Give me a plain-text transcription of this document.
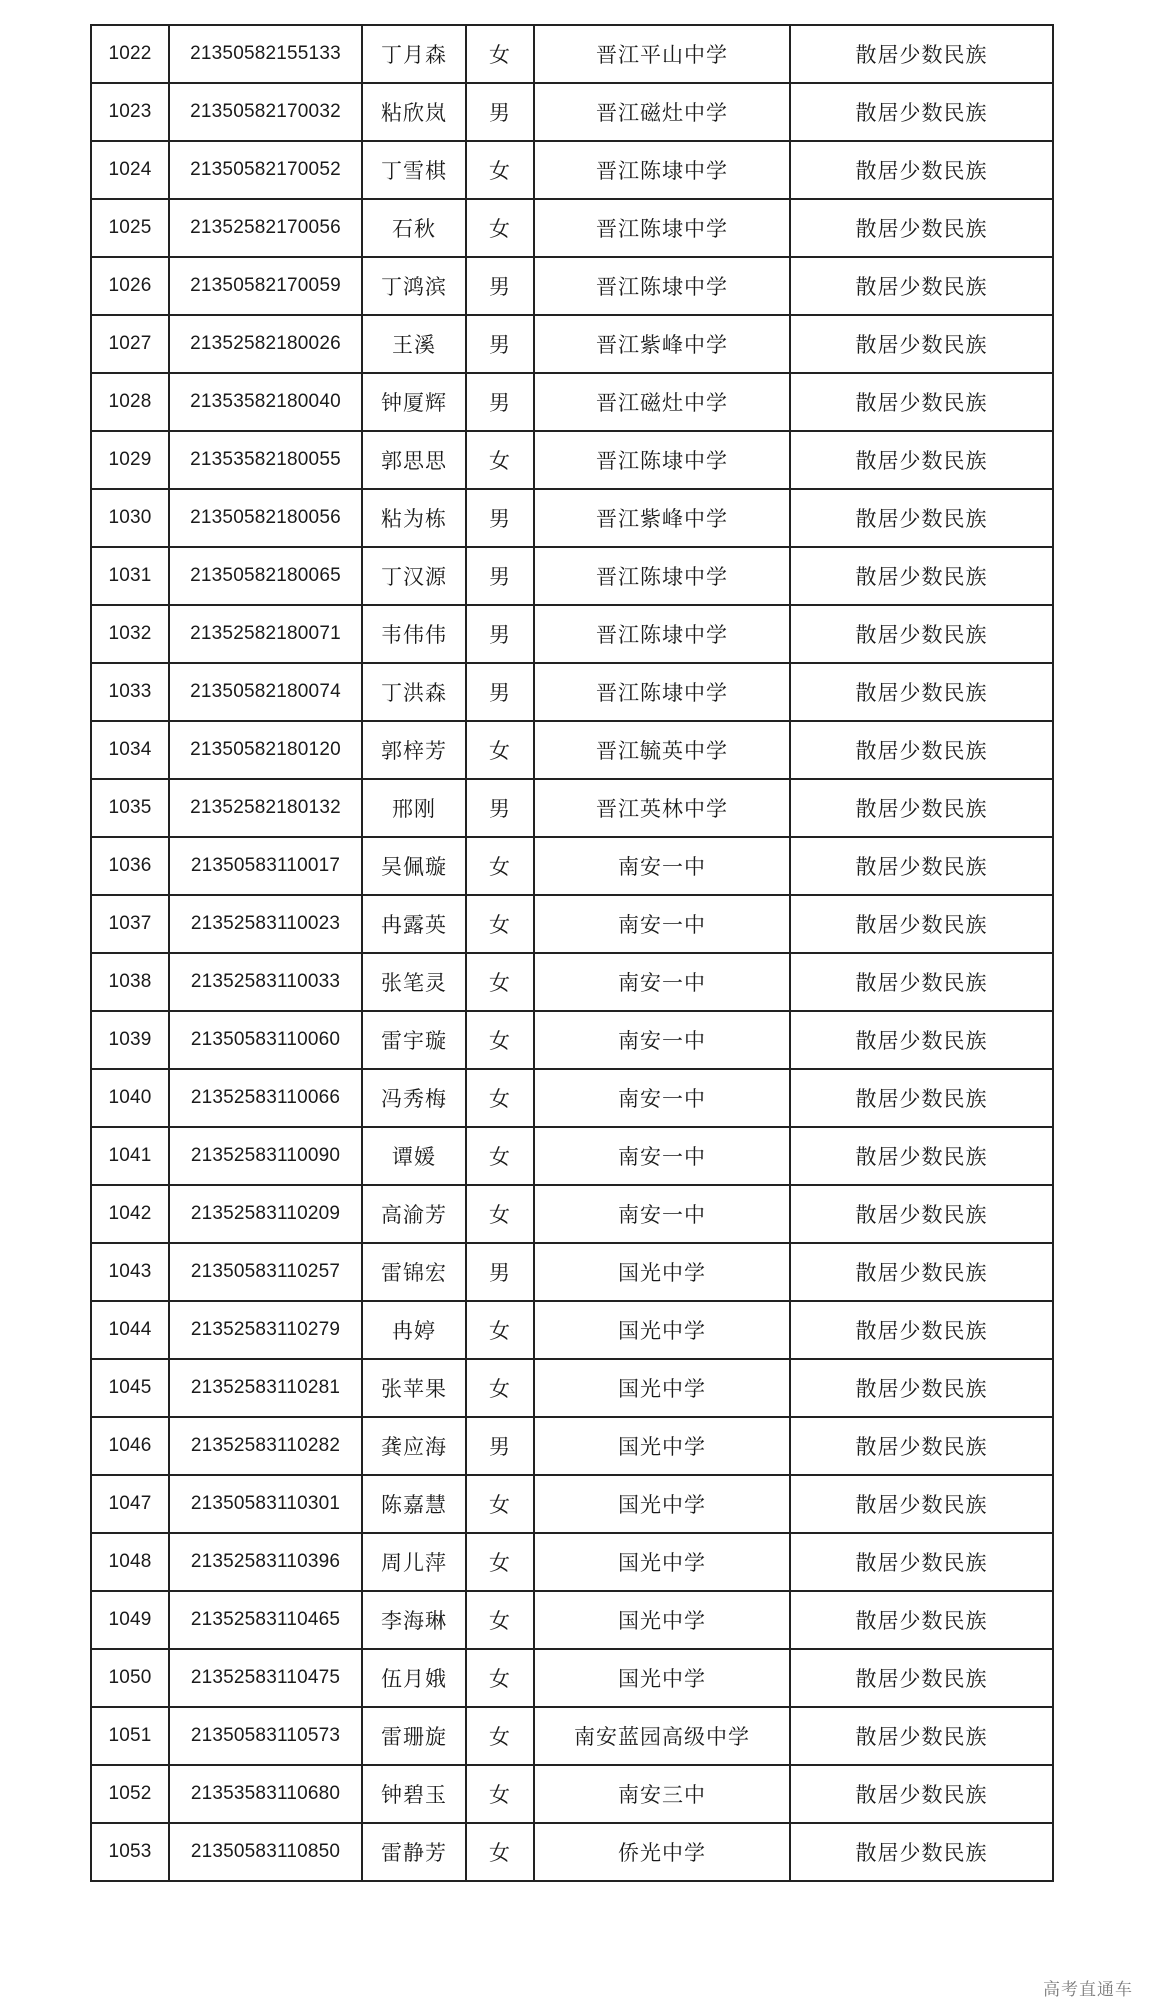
1022	21350582155133	丁月森	女	晋江平山中学	散居少数民族
1023	21350582170032	粘欣岚	男	晋江磁灶中学	散居少数民族
1024	21350582170052	丁雪棋	女	晋江陈埭中学	散居少数民族
1025	21352582170056	石秋	女	晋江陈埭中学	散居少数民族
1026	21350582170059	丁鸿滨	男	晋江陈埭中学	散居少数民族
1027	21352582180026	王溪	男	晋江紫峰中学	散居少数民族
1028	21353582180040	钟厦辉	男	晋江磁灶中学	散居少数民族
1029	21353582180055	郭思思	女	晋江陈埭中学	散居少数民族
1030	21350582180056	粘为栋	男	晋江紫峰中学	散居少数民族
1031	21350582180065	丁汉源	男	晋江陈埭中学	散居少数民族
1032	21352582180071	韦伟伟	男	晋江陈埭中学	散居少数民族
1033	21350582180074	丁洪森	男	晋江陈埭中学	散居少数民族
1034	21350582180120	郭梓芳	女	晋江毓英中学	散居少数民族
1035	21352582180132	邢刚	男	晋江英林中学	散居少数民族
1036	21350583110017	吴佩璇	女	南安一中	散居少数民族
1037	21352583110023	冉露英	女	南安一中	散居少数民族
1038	21352583110033	张笔灵	女	南安一中	散居少数民族
1039	21350583110060	雷宇璇	女	南安一中	散居少数民族
1040	21352583110066	冯秀梅	女	南安一中	散居少数民族
1041	21352583110090	谭媛	女	南安一中	散居少数民族
1042	21352583110209	高渝芳	女	南安一中	散居少数民族
1043	21350583110257	雷锦宏	男	国光中学	散居少数民族
1044	21352583110279	冉婷	女	国光中学	散居少数民族
1045	21352583110281	张苹果	女	国光中学	散居少数民族
1046	21352583110282	龚应海	男	国光中学	散居少数民族
1047	21350583110301	陈嘉慧	女	国光中学	散居少数民族
1048	21352583110396	周儿萍	女	国光中学	散居少数民族
1049	21352583110465	李海琳	女	国光中学	散居少数民族
1050	21352583110475	伍月娥	女	国光中学	散居少数民族
1051	21350583110573	雷珊旋	女	南安蓝园高级中学	散居少数民族
1052	21353583110680	钟碧玉	女	南安三中	散居少数民族
1053	21350583110850	雷静芳	女	侨光中学	散居少数民族
高考直通车
